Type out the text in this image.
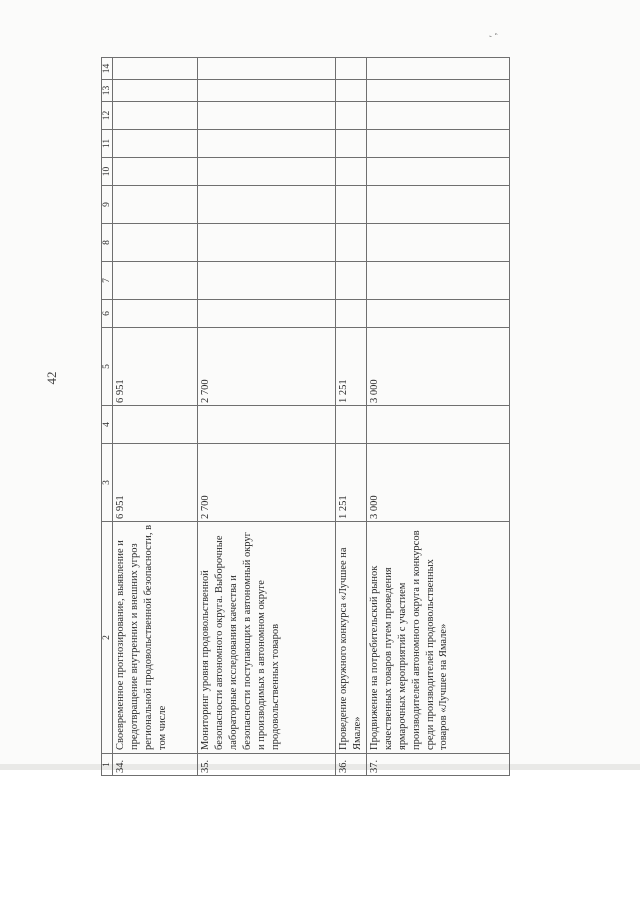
42
′,
1	2	3	4	5	6	7	8	9	10	11	12	13	14
34.	Своевременное прогнозирование, выявление и предотвращение внутренних и внешних угроз региональной продовольственной безопасности, в том числе	6 951		6 951									
35.	Мониторинг уровня продовольственной безопасности автономного округа. Выборочные лабораторные исследования качества и безопасности поступающих в автономный округ и производимых в автономном округе продовольственных товаров	2 700		2 700									
36.	Проведение окружного конкурса «Лучшее на Ямале»	1 251		1 251									
37.	Продвижение на потребительский рынок качественных товаров путем проведения ярмарочных мероприятий с участием производителей автономного округа и конкурсов среди производителей продовольственных товаров «Лучшее на Ямале»	3 000		3 000									
